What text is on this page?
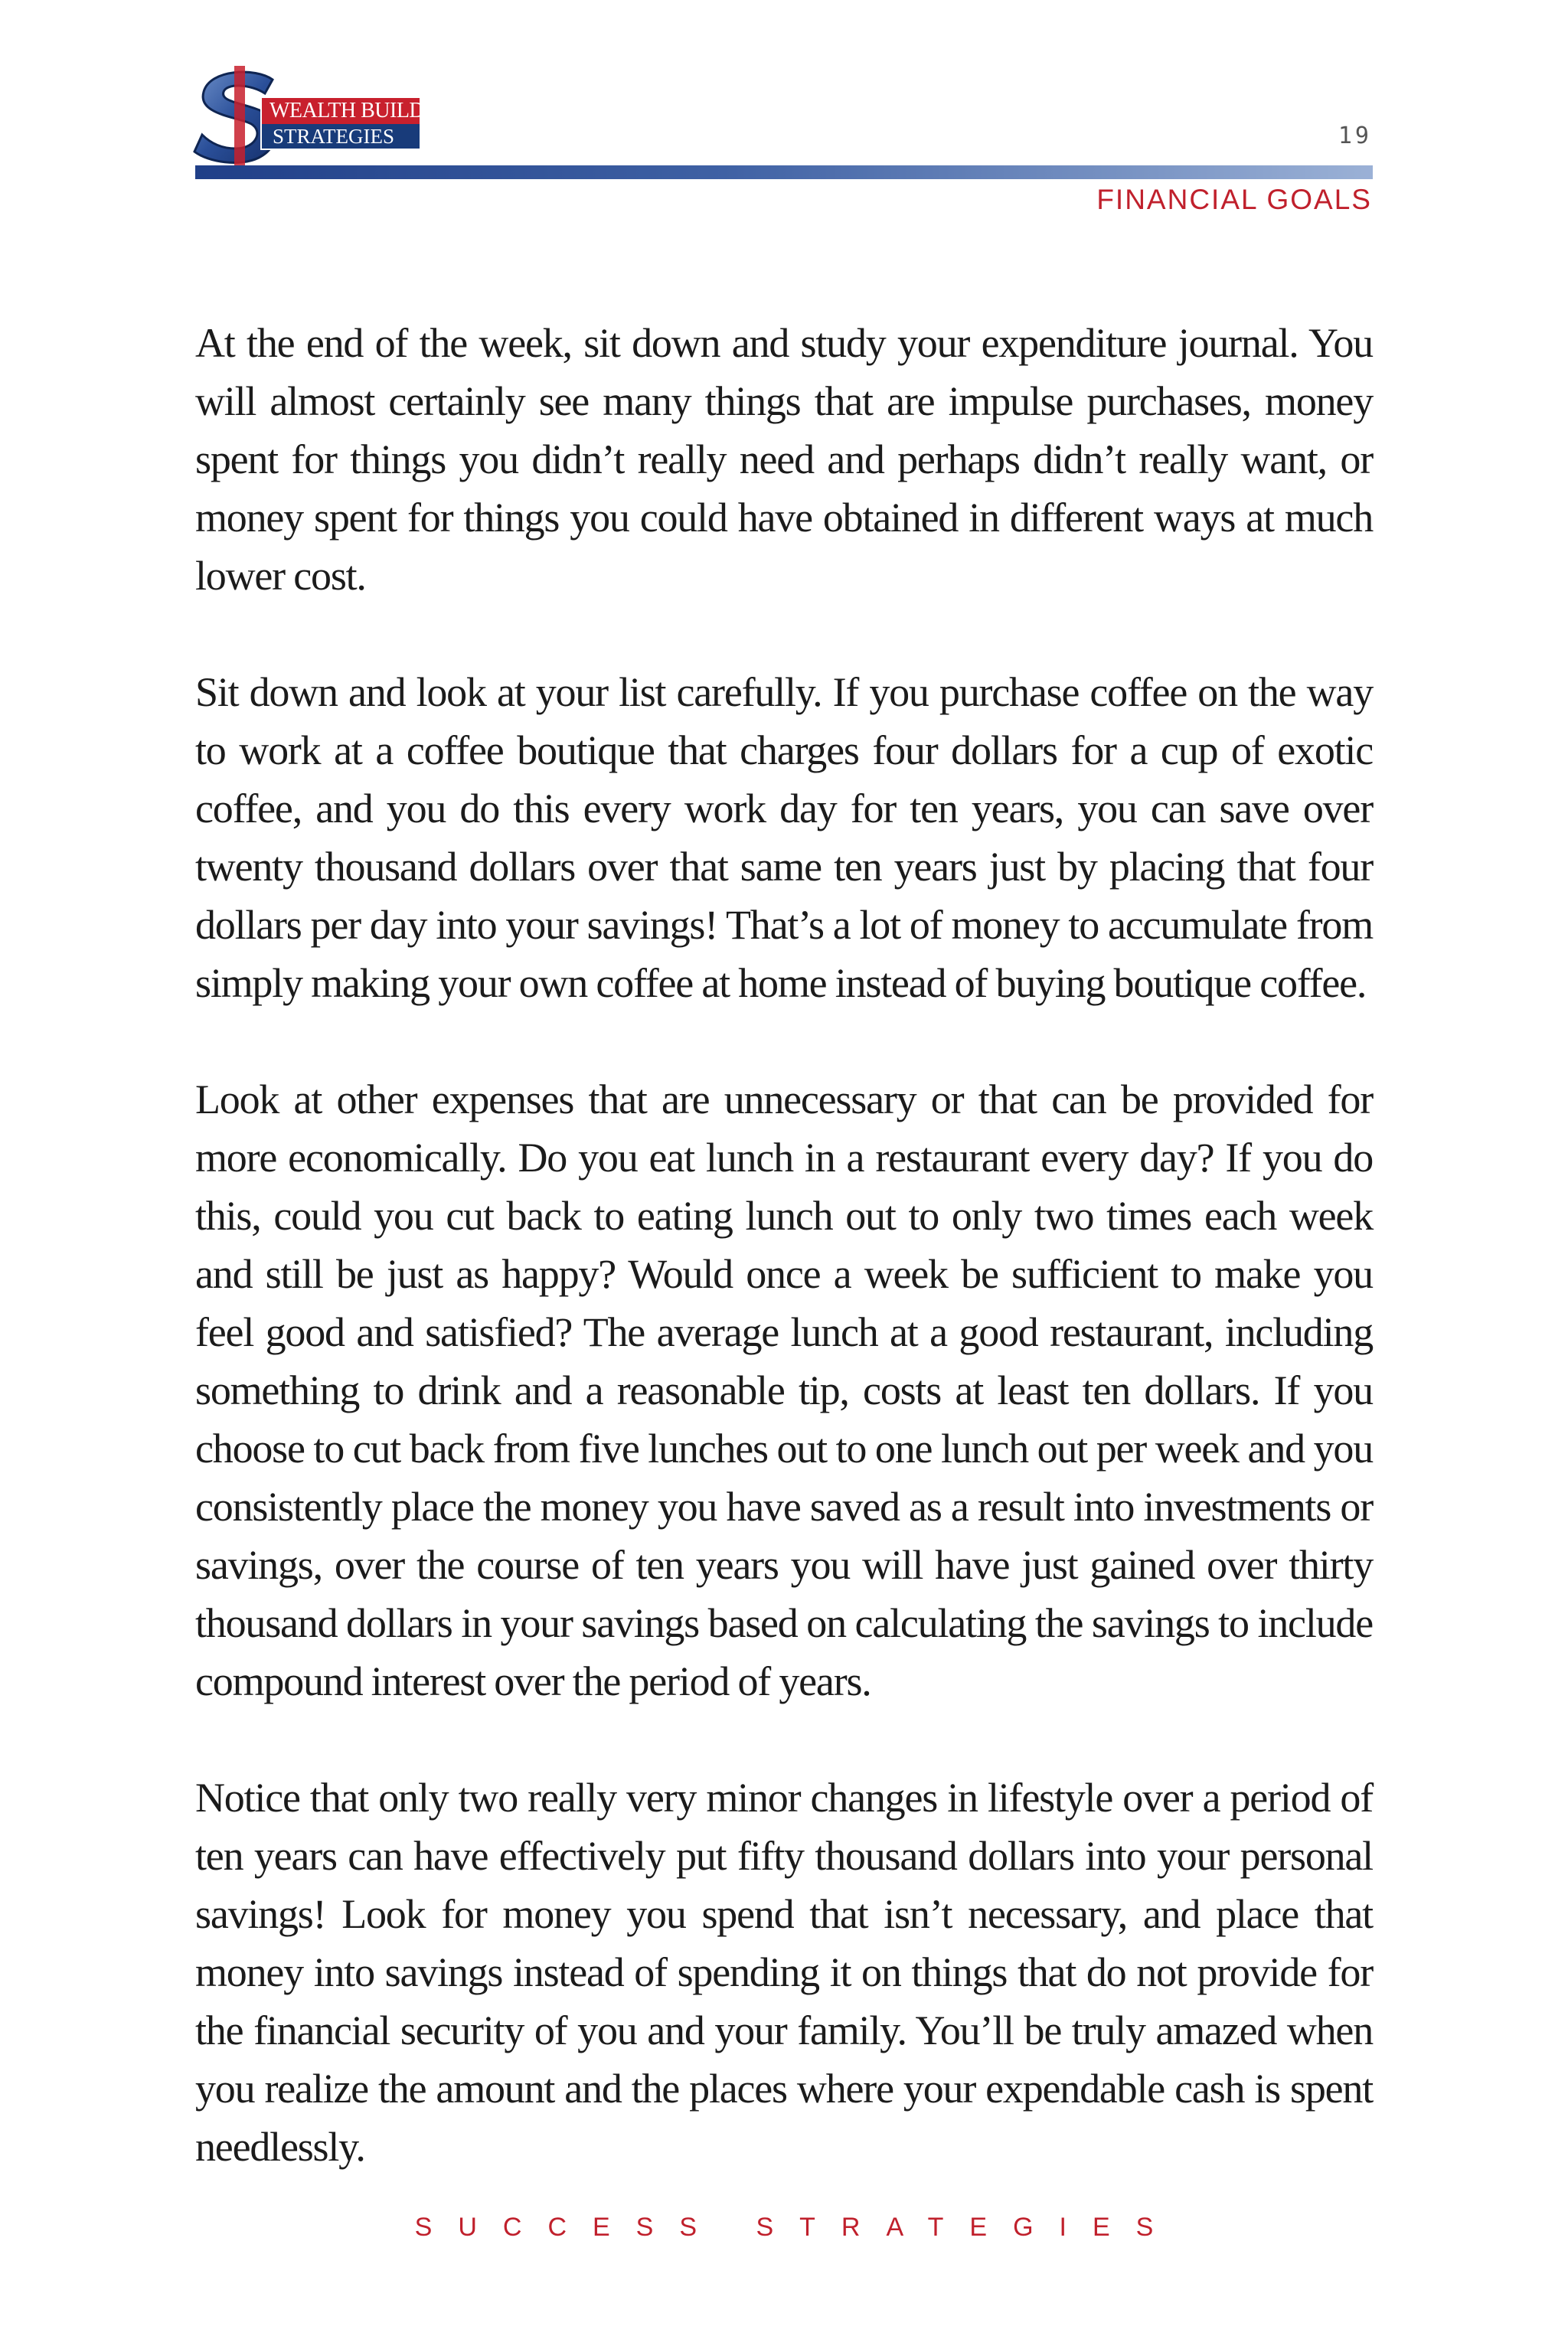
WEALTH BUILDING
STRATEGIES	19
FINANCIAL GOALS

At the end of the week, sit down and study your expenditure journal. You will almost certainly see many things that are impulse purchases, money spent for things you didn’t really need and perhaps didn’t really want, or money spent for things you could have obtained in different ways at much lower cost.

Sit down and look at your list carefully. If you purchase coffee on the way to work at a coffee boutique that charges four dollars for a cup of exotic coffee, and you do this every work day for ten years, you can save over twenty thousand dollars over that same ten years just by placing that four dollars per day into your savings! That’s a lot of money to accumulate from simply making your own coffee at home instead of buying boutique coffee.

Look at other expenses that are unnecessary or that can be provided for more economically. Do you eat lunch in a restaurant every day? If you do this, could you cut back to eating lunch out to only two times each week and still be just as happy? Would once a week be sufficient to make you feel good and satisfied? The average lunch at a good restaurant, including something to drink and a reasonable tip, costs at least ten dollars. If you choose to cut back from five lunches out to one lunch out per week and you consistently place the money you have saved as a result into investments or savings, over the course of ten years you will have just gained over thirty thousand dollars in your savings based on calculating the savings to include compound interest over the period of years.

Notice that only two really very minor changes in lifestyle over a period of ten years can have effectively put fifty thousand dollars into your personal savings! Look for money you spend that isn’t necessary, and place that money into savings instead of spending it on things that do not provide for the financial security of you and your family. You’ll be truly amazed when you realize the amount and the places where your expendable cash is spent needlessly.

SUCCESS STRATEGIES
